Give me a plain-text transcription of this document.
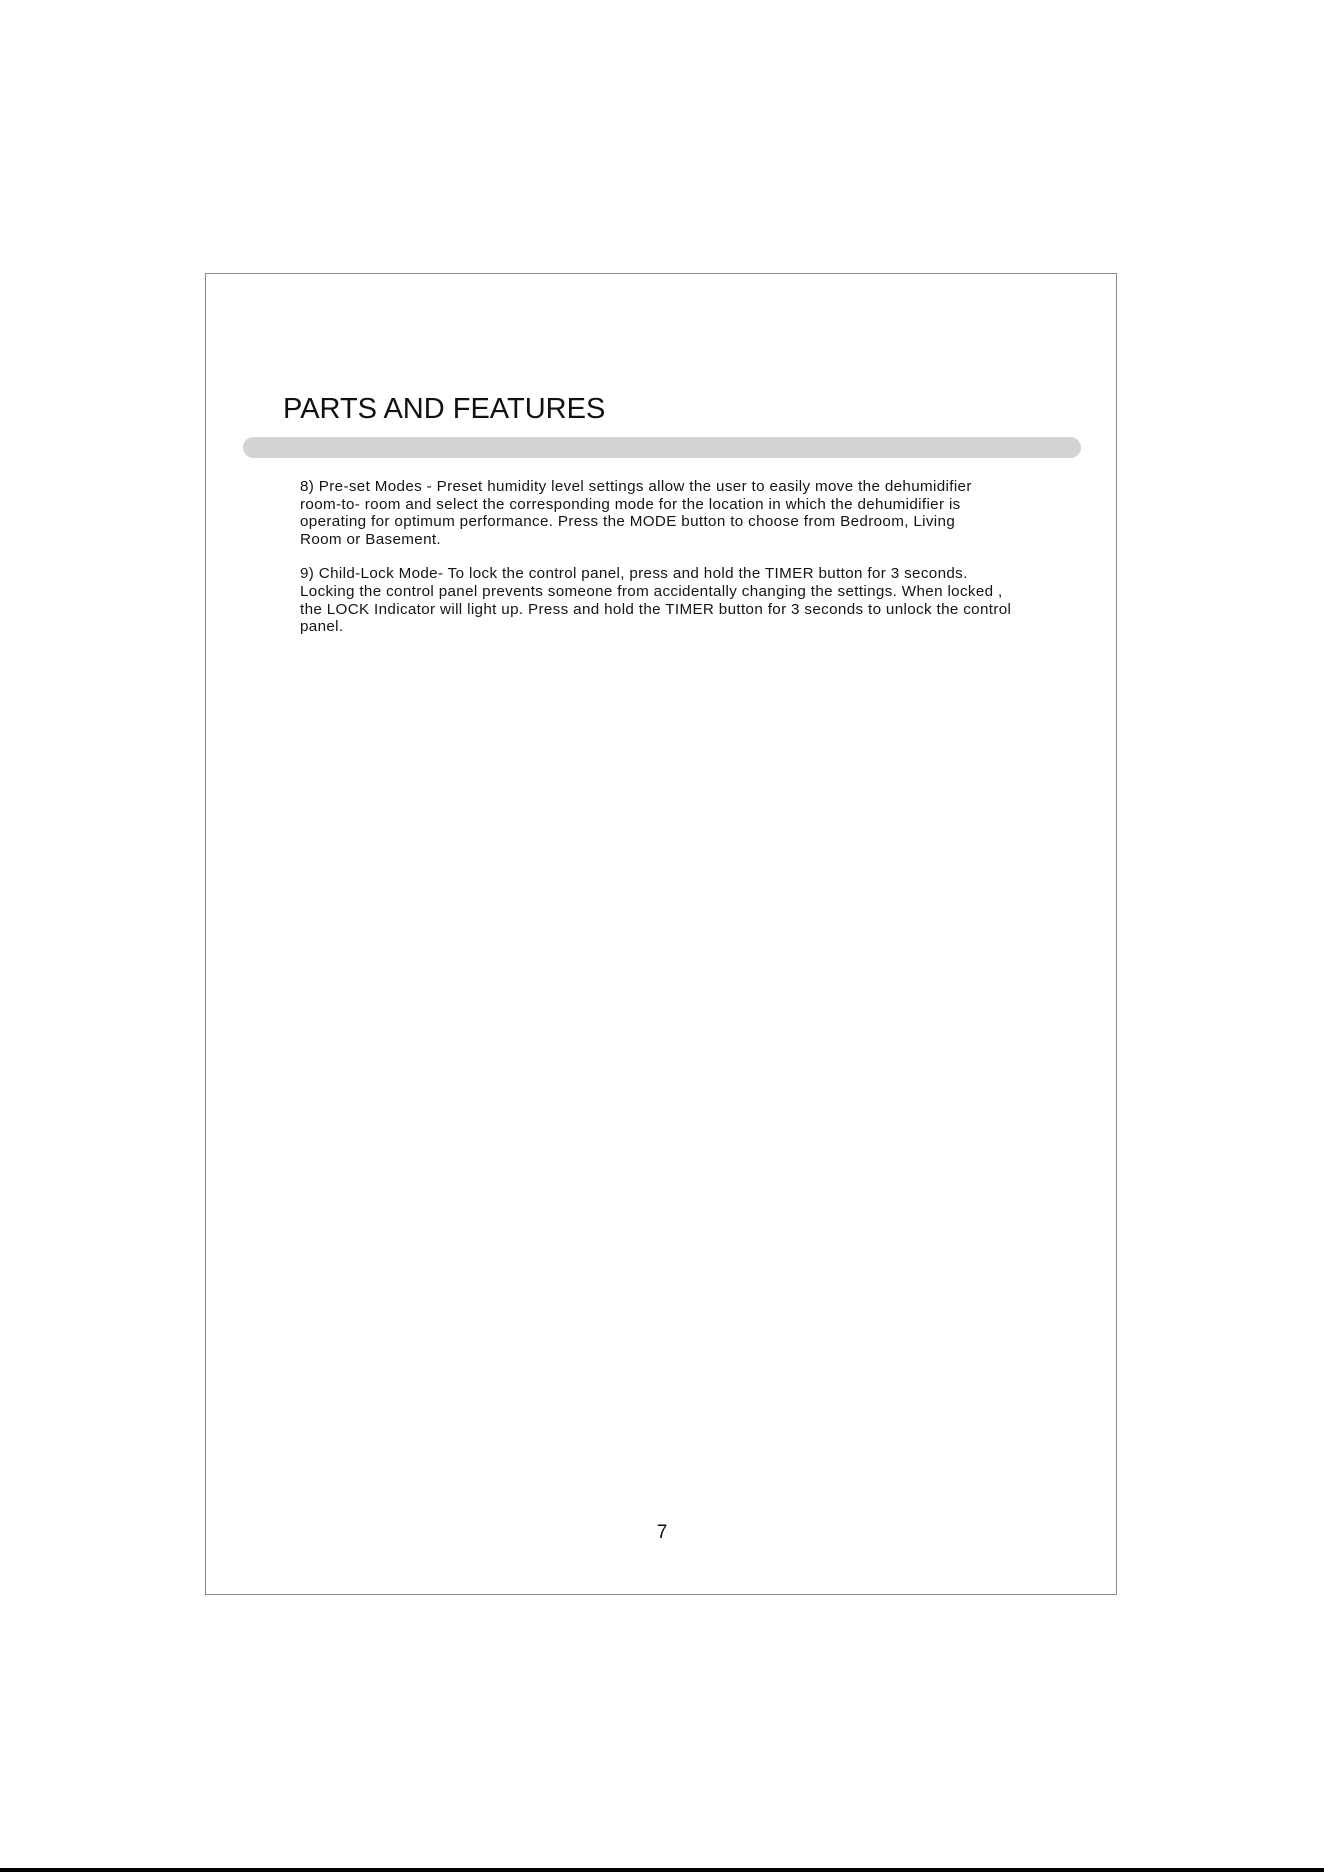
PARTS AND FEATURES

8) Pre-set Modes - Preset humidity level settings allow the user to easily move the dehumidifier
room-to- room and select the corresponding mode for the location in which the dehumidifier is
operating for optimum performance. Press the MODE button to choose from Bedroom, Living
Room or Basement.

9) Child-Lock Mode- To lock the control panel, press and hold the TIMER button for 3 seconds.
Locking the control panel prevents someone from accidentally changing the settings. When locked ,
the LOCK Indicator will light up. Press and hold the TIMER button for 3 seconds to unlock the control
panel.

7
